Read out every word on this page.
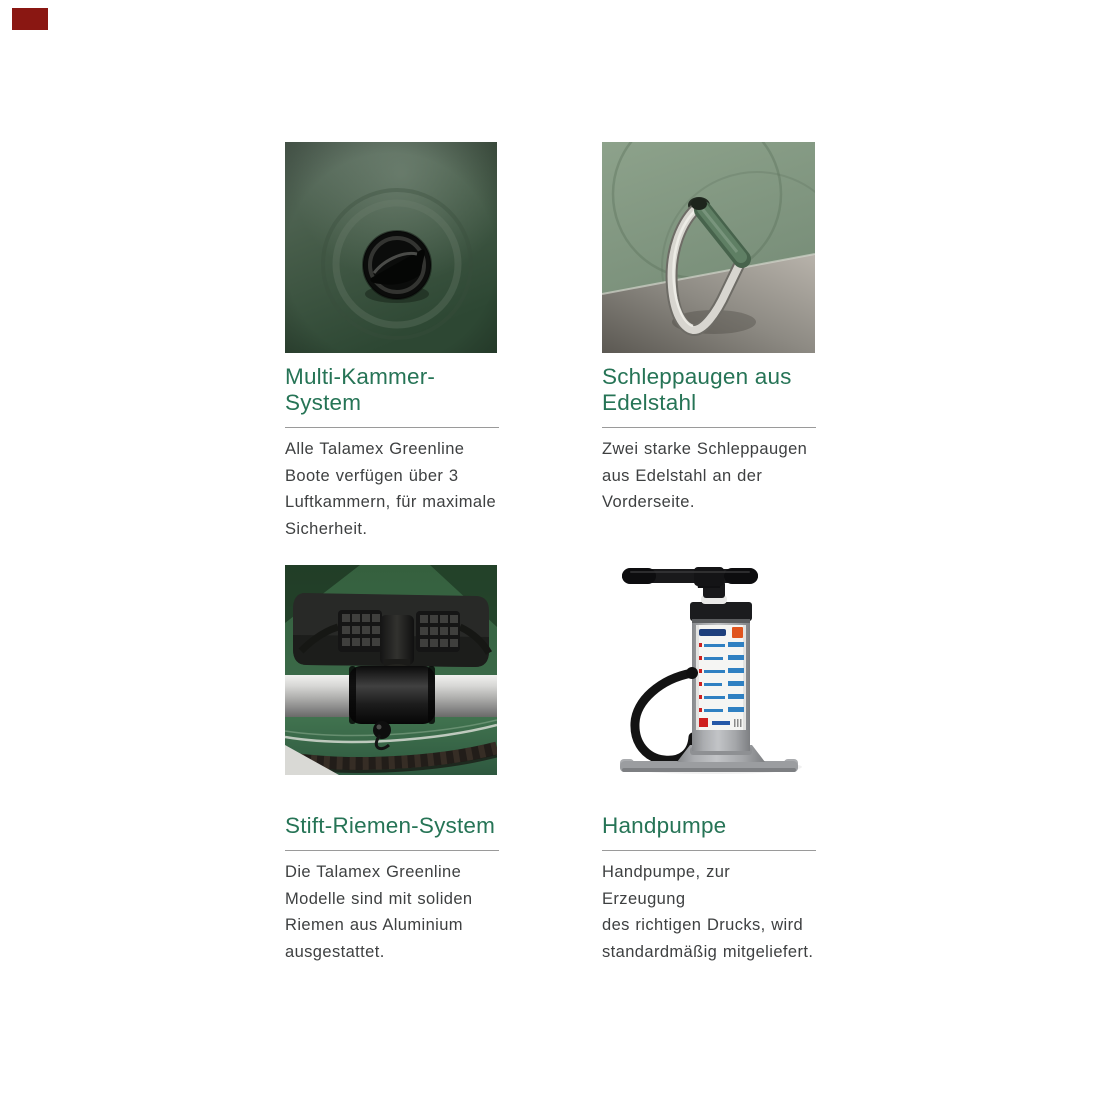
Multi-Kammer-System
Alle Talamex Greenline
Boote verfügen über 3
Luftkammern, für maximale
Sicherheit.
Schleppaugen aus
Edelstahl
Zwei starke Schleppaugen
aus Edelstahl an der
Vorderseite.
Stift-Riemen-System
Die Talamex Greenline
Modelle sind mit soliden
Riemen aus Aluminium
ausgestattet.
Handpumpe
Handpumpe, zur Erzeugung
des richtigen Drucks, wird
standardmäßig mitgeliefert.
